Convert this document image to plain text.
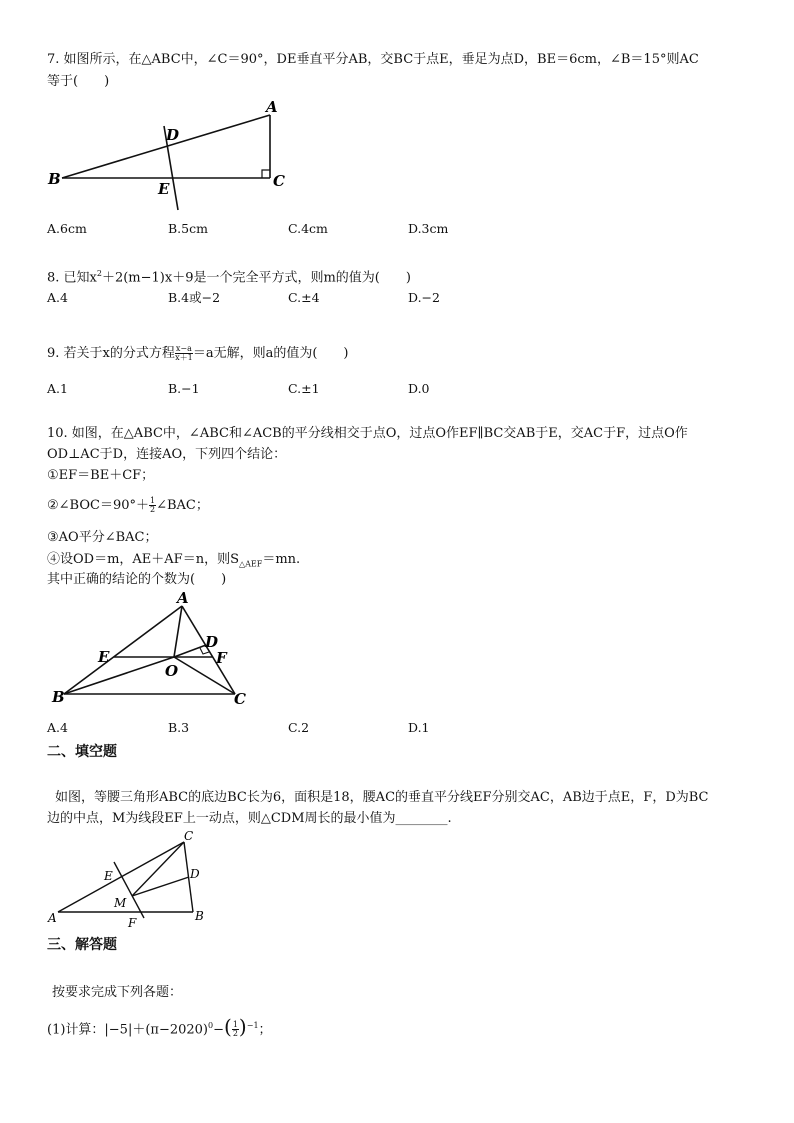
7. 如图所示，在△ABC中，∠C＝90°，DE垂直平分AB，交BC于点E，垂足为点D，BE＝6cm，∠B＝15°则AC
等于(　　)
A
B	C
D
E
A.6cm	B.5cm	C.4cm	D.3cm
8. 已知$x^2+2(m-1)x+9$是一个完全平方式，则m的值为(　　)
A.4	B.4或−2	C.±4	D.−2
9. 若关于x的分式方程 $\frac{x-a}{x+1} =a$无解，则a的值为(　　)
A.1	B.−1	C.±1	D.0
10. 如图，在△ABC中，∠ABC和∠ACB的平分线相交于点O，过点O作EF∥BC交AB于E，交AC于F，过点O作
OD⊥AC于D，连接AO，下列四个结论：
①EF＝BE＋CF；
②∠BOC＝90°＋ $\frac{1}{2}$ ∠BAC；
③AO平分∠BAC；
④设OD＝m，AE＋AF＝n，则$S_{\triangle AEF}=mn$.
其中正确的结论的个数为(　　)
A
B	C
D
E	F
O
A.4	B.3	C.2	D.1
二、填空题
如图，等腰三角形ABC的底边BC长为6，面积是18，腰AC的垂直平分线EF分别交AC，AB边于点E，F，D为BC
边的中点，M为线段EF上一动点，则△CDM周长的最小值为________.
C
A	B
D
E
F
M
三、解答题
按要求完成下列各题：
(1)计算：$|-5|+(\pi-2020)^0-( \frac{1}{2} )^{-1}$；
